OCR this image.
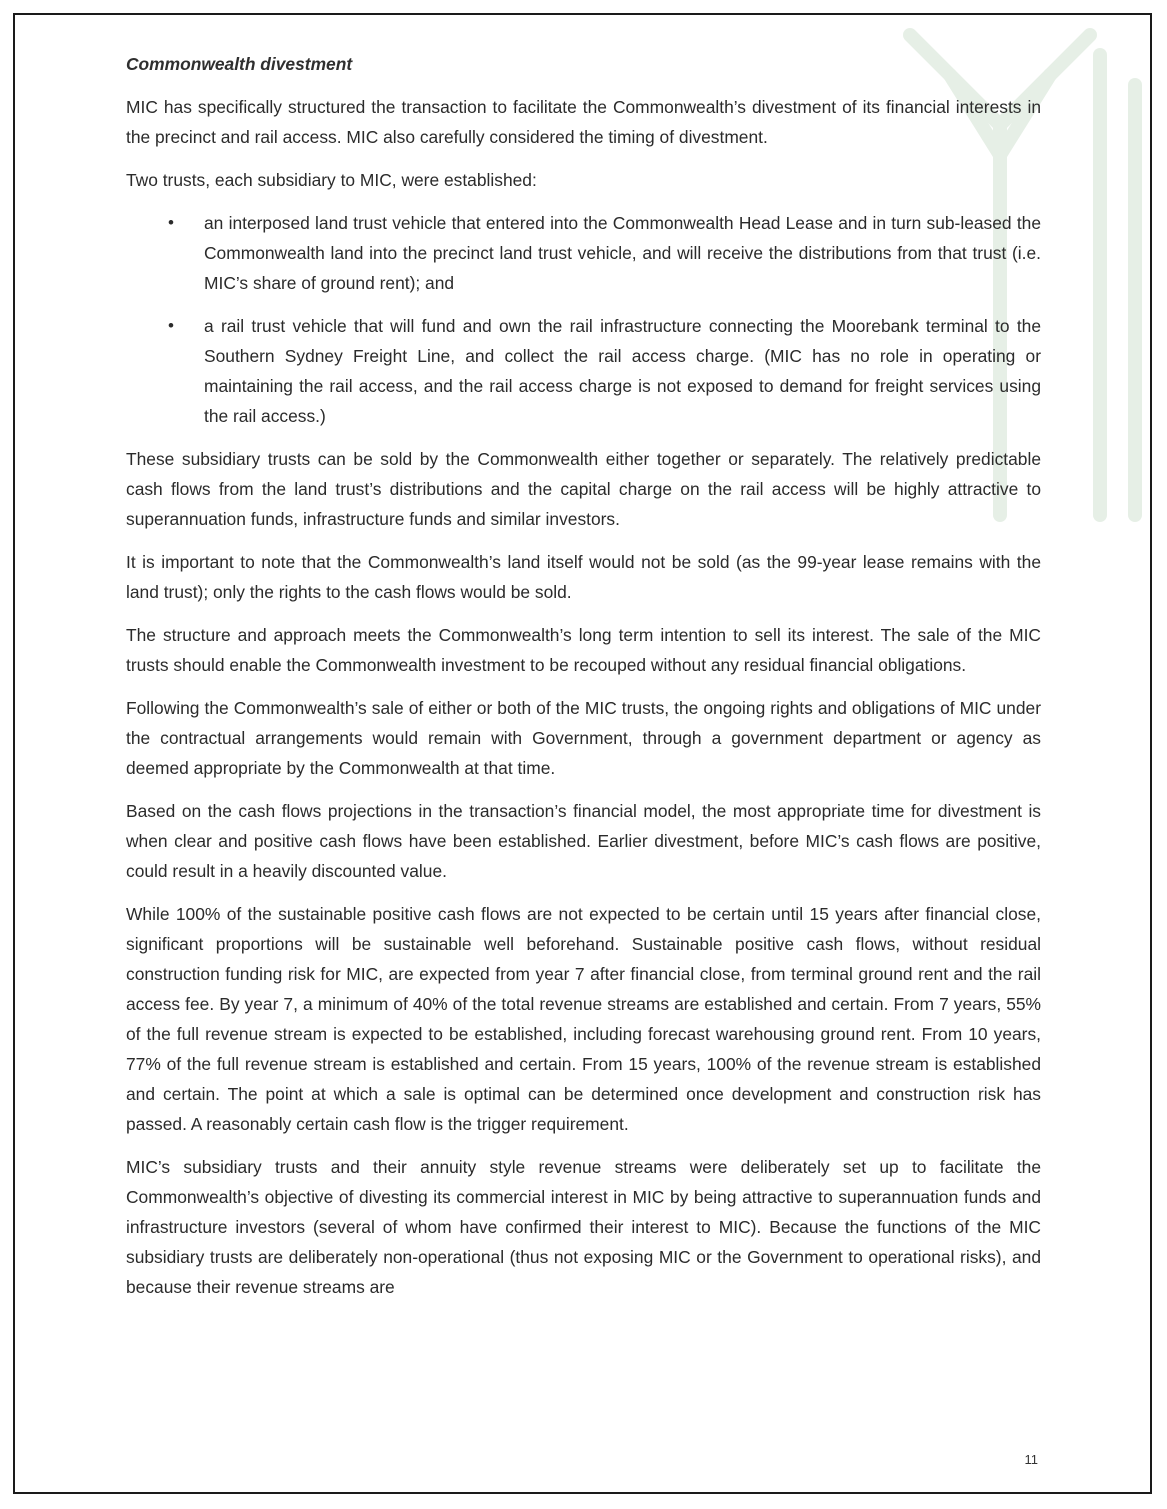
Commonwealth divestment

MIC has specifically structured the transaction to facilitate the Commonwealth’s divestment of its financial interests in the precinct and rail access. MIC also carefully considered the timing of divestment.

Two trusts, each subsidiary to MIC, were established:

• an interposed land trust vehicle that entered into the Commonwealth Head Lease and in turn sub-leased the Commonwealth land into the precinct land trust vehicle, and will receive the distributions from that trust (i.e. MIC’s share of ground rent); and
• a rail trust vehicle that will fund and own the rail infrastructure connecting the Moorebank terminal to the Southern Sydney Freight Line, and collect the rail access charge. (MIC has no role in operating or maintaining the rail access, and the rail access charge is not exposed to demand for freight services using the rail access.)

These subsidiary trusts can be sold by the Commonwealth either together or separately. The relatively predictable cash flows from the land trust’s distributions and the capital charge on the rail access will be highly attractive to superannuation funds, infrastructure funds and similar investors.

It is important to note that the Commonwealth’s land itself would not be sold (as the 99-year lease remains with the land trust); only the rights to the cash flows would be sold.

The structure and approach meets the Commonwealth’s long term intention to sell its interest. The sale of the MIC trusts should enable the Commonwealth investment to be recouped without any residual financial obligations.

Following the Commonwealth’s sale of either or both of the MIC trusts, the ongoing rights and obligations of MIC under the contractual arrangements would remain with Government, through a government department or agency as deemed appropriate by the Commonwealth at that time.

Based on the cash flows projections in the transaction’s financial model, the most appropriate time for divestment is when clear and positive cash flows have been established. Earlier divestment, before MIC’s cash flows are positive, could result in a heavily discounted value.

While 100% of the sustainable positive cash flows are not expected to be certain until 15 years after financial close, significant proportions will be sustainable well beforehand. Sustainable positive cash flows, without residual construction funding risk for MIC, are expected from year 7 after financial close, from terminal ground rent and the rail access fee. By year 7, a minimum of 40% of the total revenue streams are established and certain. From 7 years, 55% of the full revenue stream is expected to be established, including forecast warehousing ground rent. From 10 years, 77% of the full revenue stream is established and certain. From 15 years, 100% of the revenue stream is established and certain. The point at which a sale is optimal can be determined once development and construction risk has passed. A reasonably certain cash flow is the trigger requirement.

MIC’s subsidiary trusts and their annuity style revenue streams were deliberately set up to facilitate the Commonwealth’s objective of divesting its commercial interest in MIC by being attractive to superannuation funds and infrastructure investors (several of whom have confirmed their interest to MIC). Because the functions of the MIC subsidiary trusts are deliberately non-operational (thus not exposing MIC or the Government to operational risks), and because their revenue streams are

11
